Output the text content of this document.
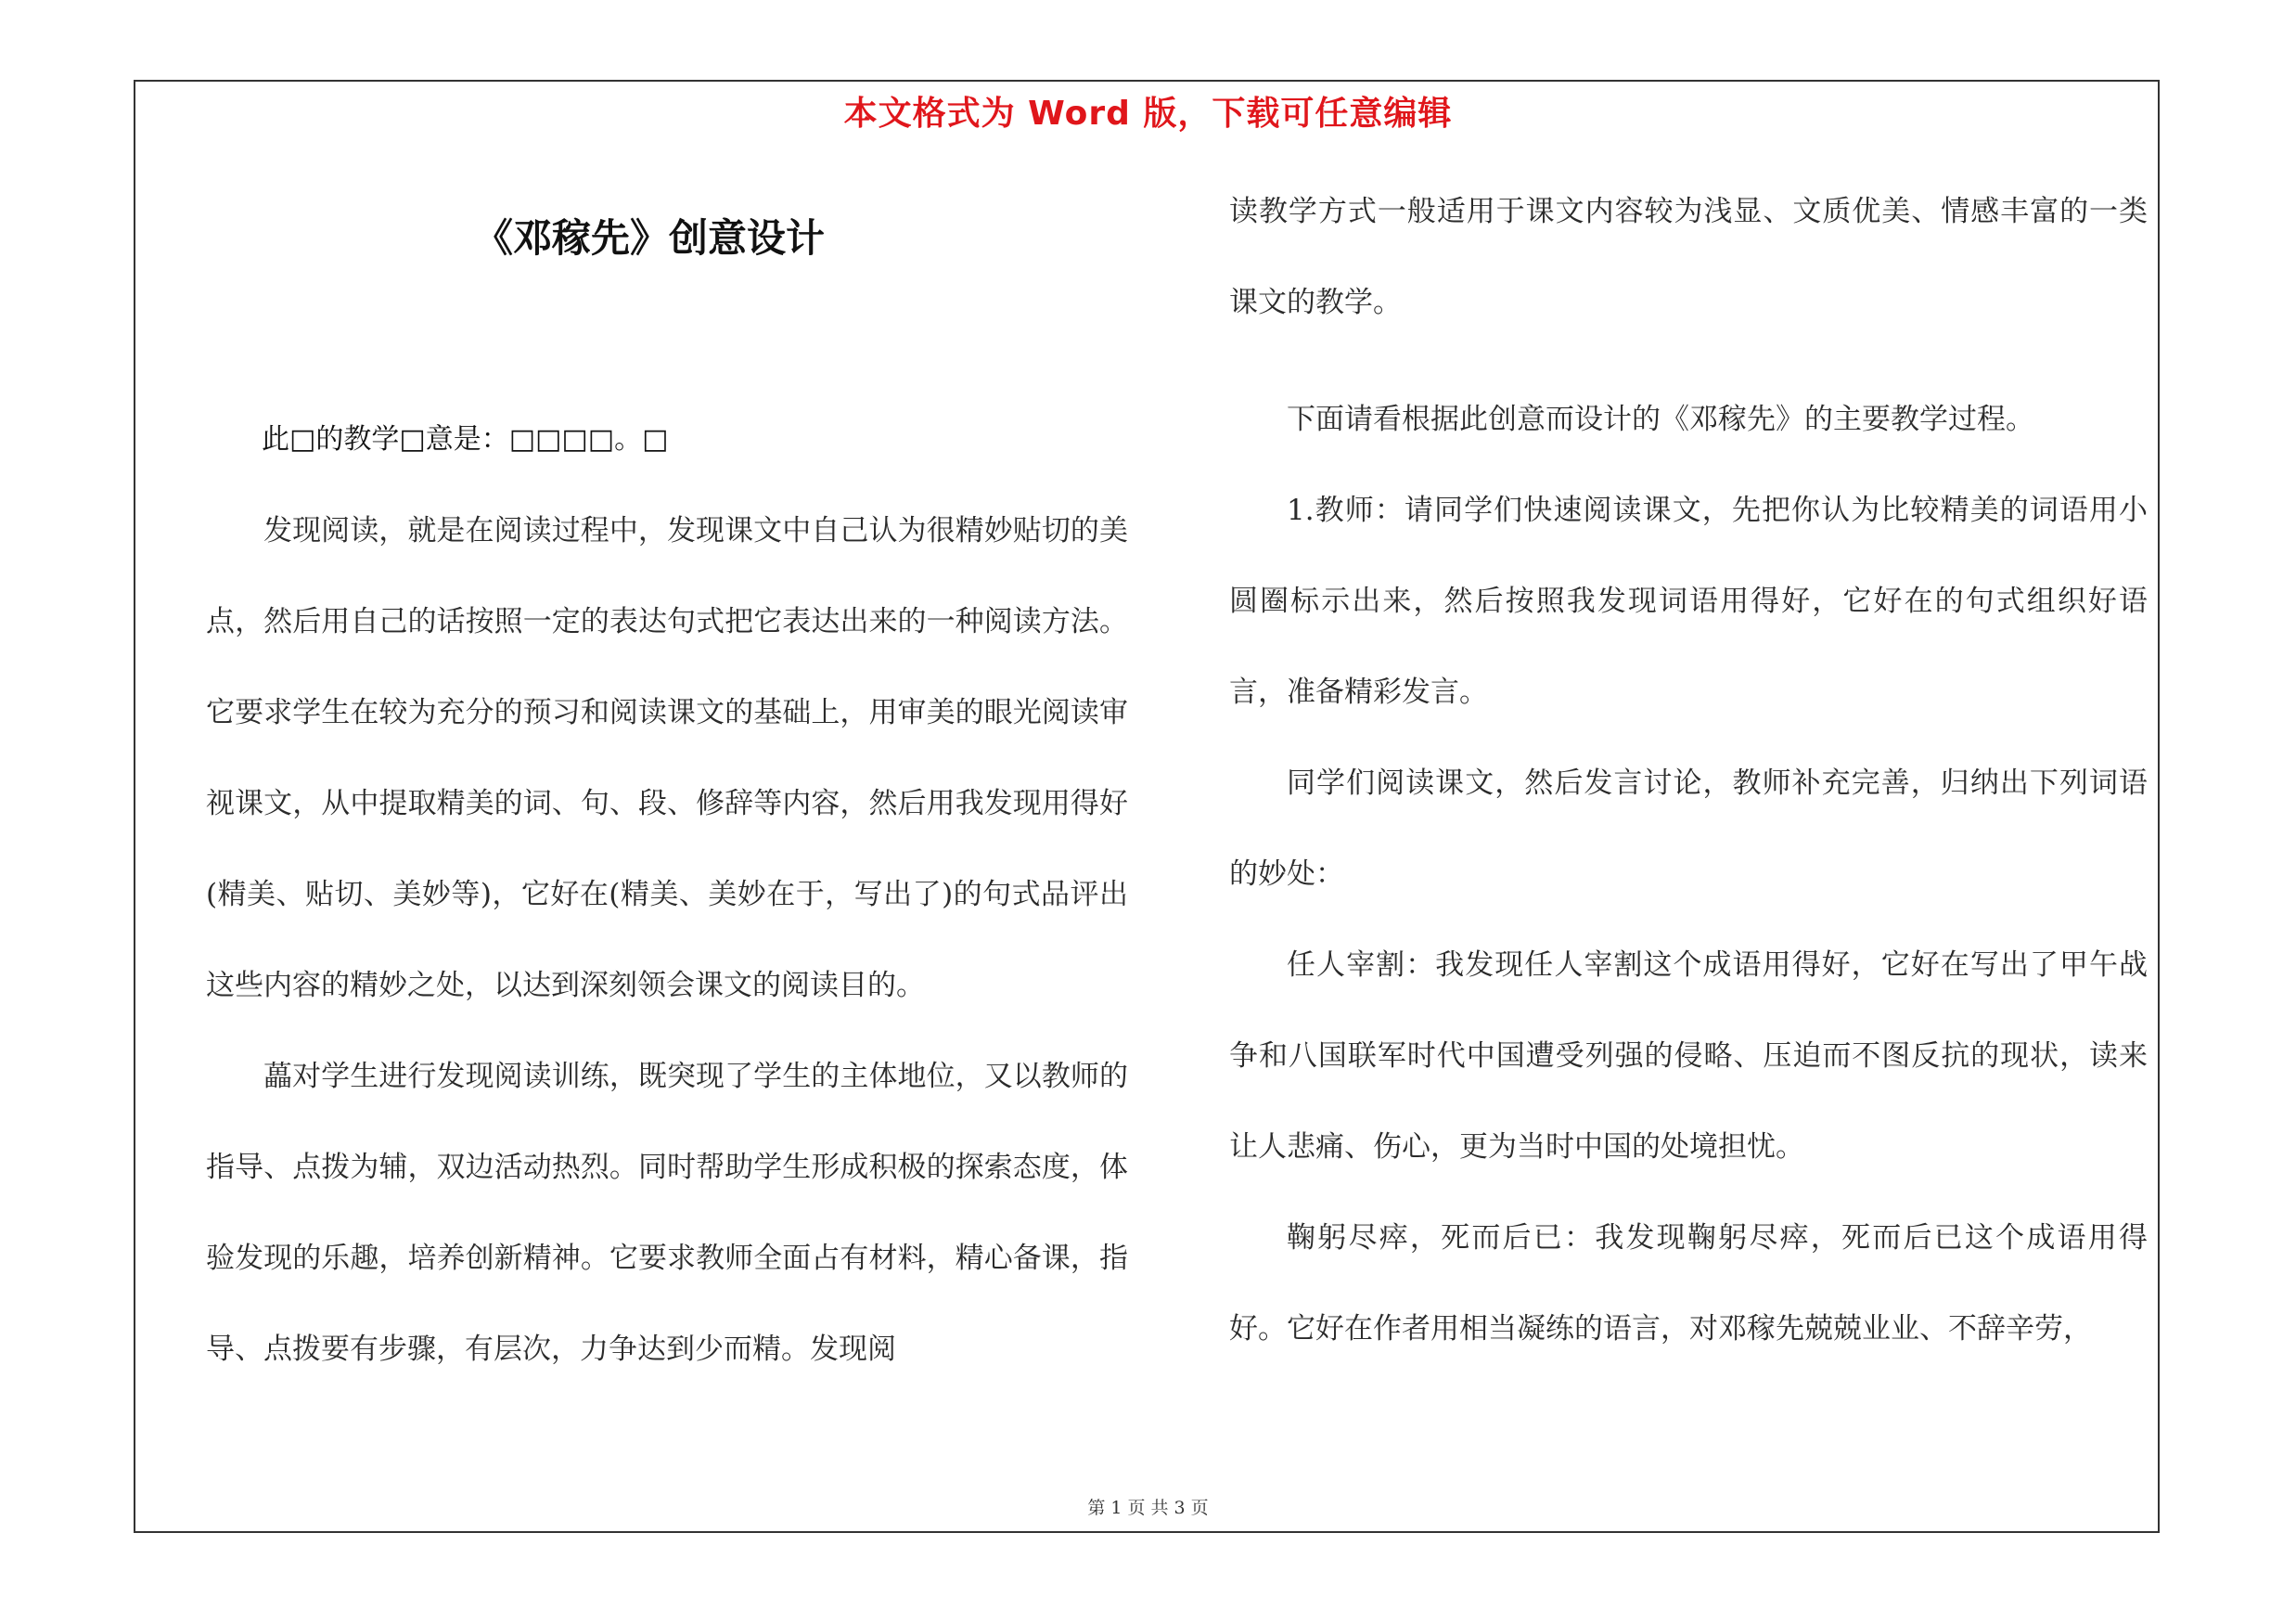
本文格式为 Word 版，下载可任意编辑
《邓稼先》创意设计

此□的教学□意是：□□□□。□

发现阅读，就是在阅读过程中，发现课文中自己认为很精妙贴切的美点，然后用自己的话按照一定的表达句式把它表达出来的一种阅读方法。它要求学生在较为充分的预习和阅读课文的基础上，用审美的眼光阅读审视课文，从中提取精美的词、句、段、修辞等内容，然后用我发现用得好(精美、贴切、美妙等)，它好在(精美、美妙在于，写出了)的句式品评出这些内容的精妙之处，以达到深刻领会课文的阅读目的。

藟对学生进行发现阅读训练，既突现了学生的主体地位，又以教师的指导、点拨为辅，双边活动热烈。同时帮助学生形成积极的探索态度，体验发现的乐趣，培养创新精神。它要求教师全面占有材料，精心备课，指导、点拨要有步骤，有层次，力争达到少而精。发现阅

读教学方式一般适用于课文内容较为浅显、文质优美、情感丰富的一类课文的教学。

下面请看根据此创意而设计的《邓稼先》的主要教学过程。

1.教师：请同学们快速阅读课文，先把你认为比较精美的词语用小圆圈标示出来，然后按照我发现词语用得好，它好在的句式组织好语言，准备精彩发言。

同学们阅读课文，然后发言讨论，教师补充完善，归纳出下列词语的妙处：

任人宰割：我发现任人宰割这个成语用得好，它好在写出了甲午战争和八国联军时代中国遭受列强的侵略、压迫而不图反抗的现状，读来让人悲痛、伤心，更为当时中国的处境担忧。

鞠躬尽瘁，死而后已：我发现鞠躬尽瘁，死而后已这个成语用得好。它好在作者用相当凝练的语言，对邓稼先兢兢业业、不辞辛劳，

第 1 页 共 3 页
